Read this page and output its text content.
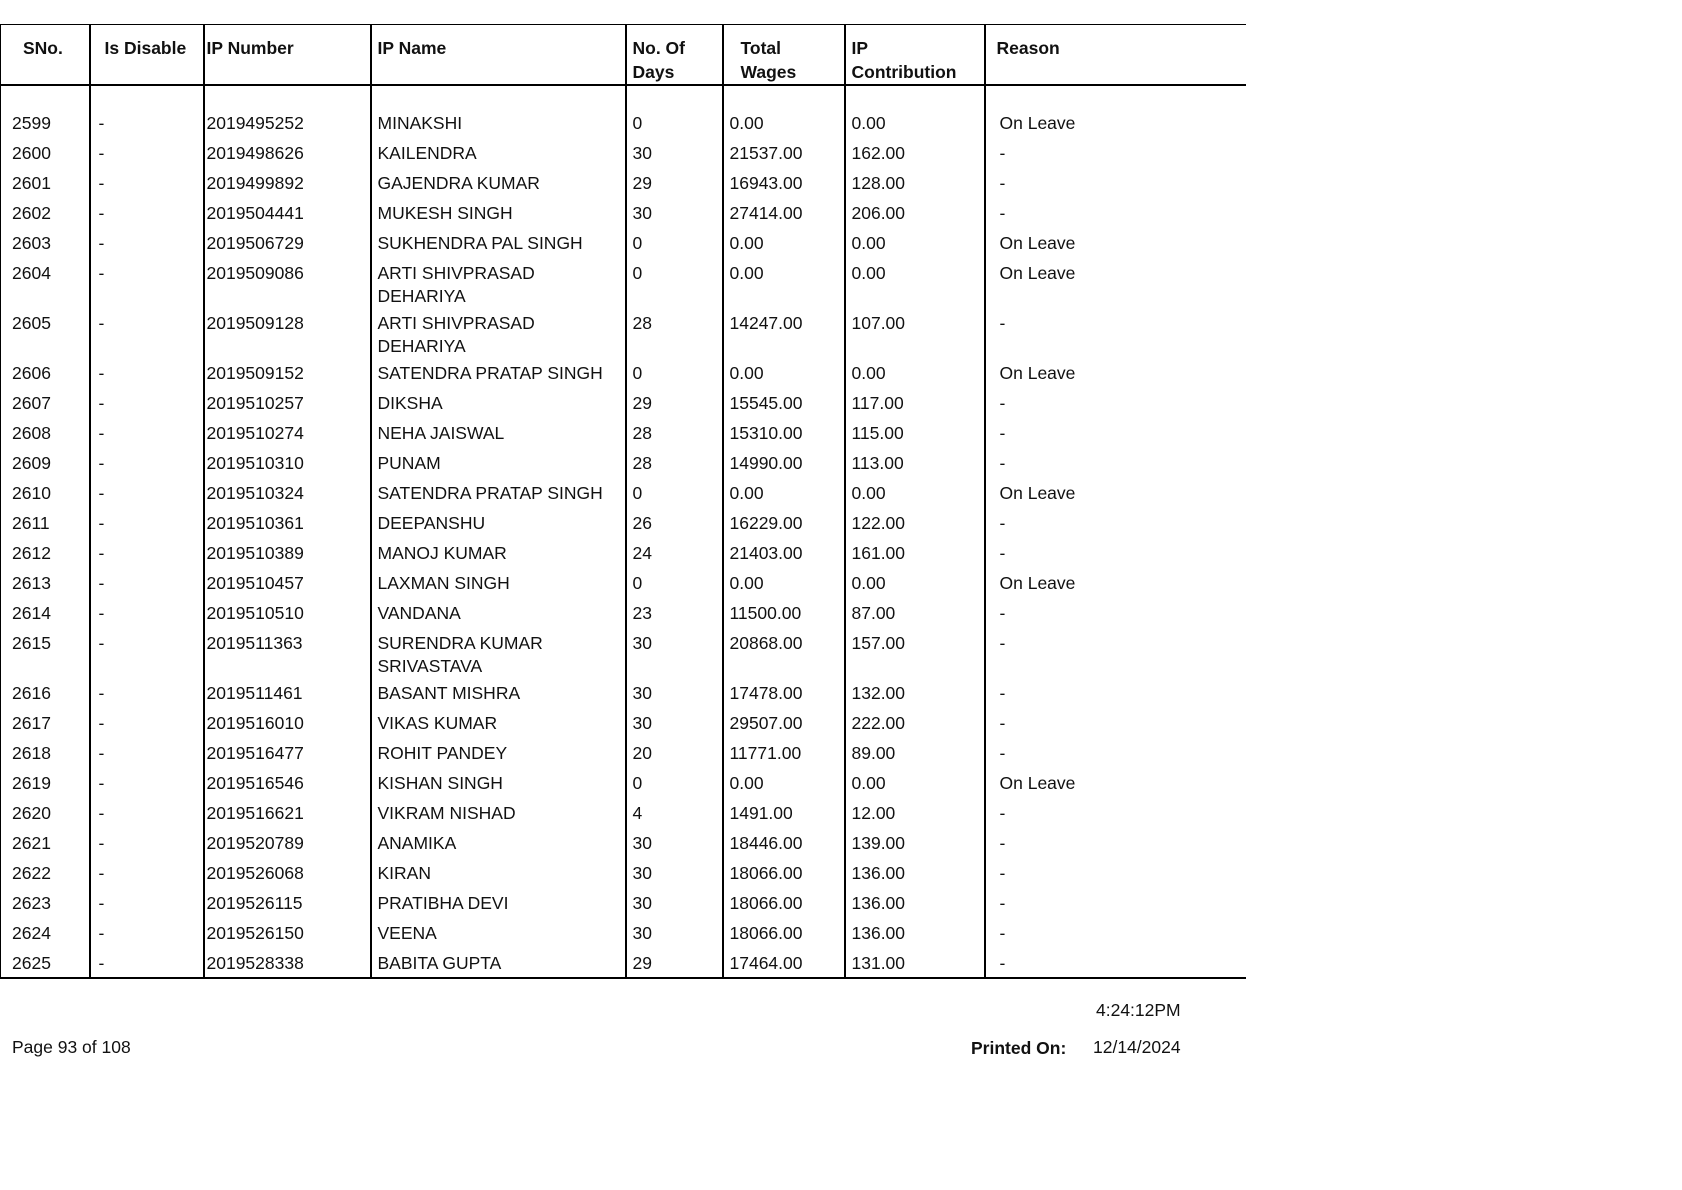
SNo.	Is Disable	IP Number	IP Name	No. Of Days	Total Wages	IP Contribution	Reason

2599	-	2019495252	MINAKSHI	0	0.00	0.00	On Leave
2600	-	2019498626	KAILENDRA	30	21537.00	162.00	-
2601	-	2019499892	GAJENDRA KUMAR	29	16943.00	128.00	-
2602	-	2019504441	MUKESH SINGH	30	27414.00	206.00	-
2603	-	2019506729	SUKHENDRA PAL SINGH	0	0.00	0.00	On Leave
2604	-	2019509086	ARTI SHIVPRASAD DEHARIYA	0	0.00	0.00	On Leave
2605	-	2019509128	ARTI SHIVPRASAD DEHARIYA	28	14247.00	107.00	-
2606	-	2019509152	SATENDRA PRATAP SINGH	0	0.00	0.00	On Leave
2607	-	2019510257	DIKSHA	29	15545.00	117.00	-
2608	-	2019510274	NEHA JAISWAL	28	15310.00	115.00	-
2609	-	2019510310	PUNAM	28	14990.00	113.00	-
2610	-	2019510324	SATENDRA PRATAP SINGH	0	0.00	0.00	On Leave
2611	-	2019510361	DEEPANSHU	26	16229.00	122.00	-
2612	-	2019510389	MANOJ KUMAR	24	21403.00	161.00	-
2613	-	2019510457	LAXMAN SINGH	0	0.00	0.00	On Leave
2614	-	2019510510	VANDANA	23	11500.00	87.00	-
2615	-	2019511363	SURENDRA KUMAR SRIVASTAVA	30	20868.00	157.00	-
2616	-	2019511461	BASANT MISHRA	30	17478.00	132.00	-
2617	-	2019516010	VIKAS KUMAR	30	29507.00	222.00	-
2618	-	2019516477	ROHIT PANDEY	20	11771.00	89.00	-
2619	-	2019516546	KISHAN SINGH	0	0.00	0.00	On Leave
2620	-	2019516621	VIKRAM NISHAD	4	1491.00	12.00	-
2621	-	2019520789	ANAMIKA	30	18446.00	139.00	-
2622	-	2019526068	KIRAN	30	18066.00	136.00	-
2623	-	2019526115	PRATIBHA DEVI	30	18066.00	136.00	-
2624	-	2019526150	VEENA	30	18066.00	136.00	-
2625	-	2019528338	BABITA GUPTA	29	17464.00	131.00	-
4:24:12PM
Page 93 of 108	Printed On: 12/14/2024
